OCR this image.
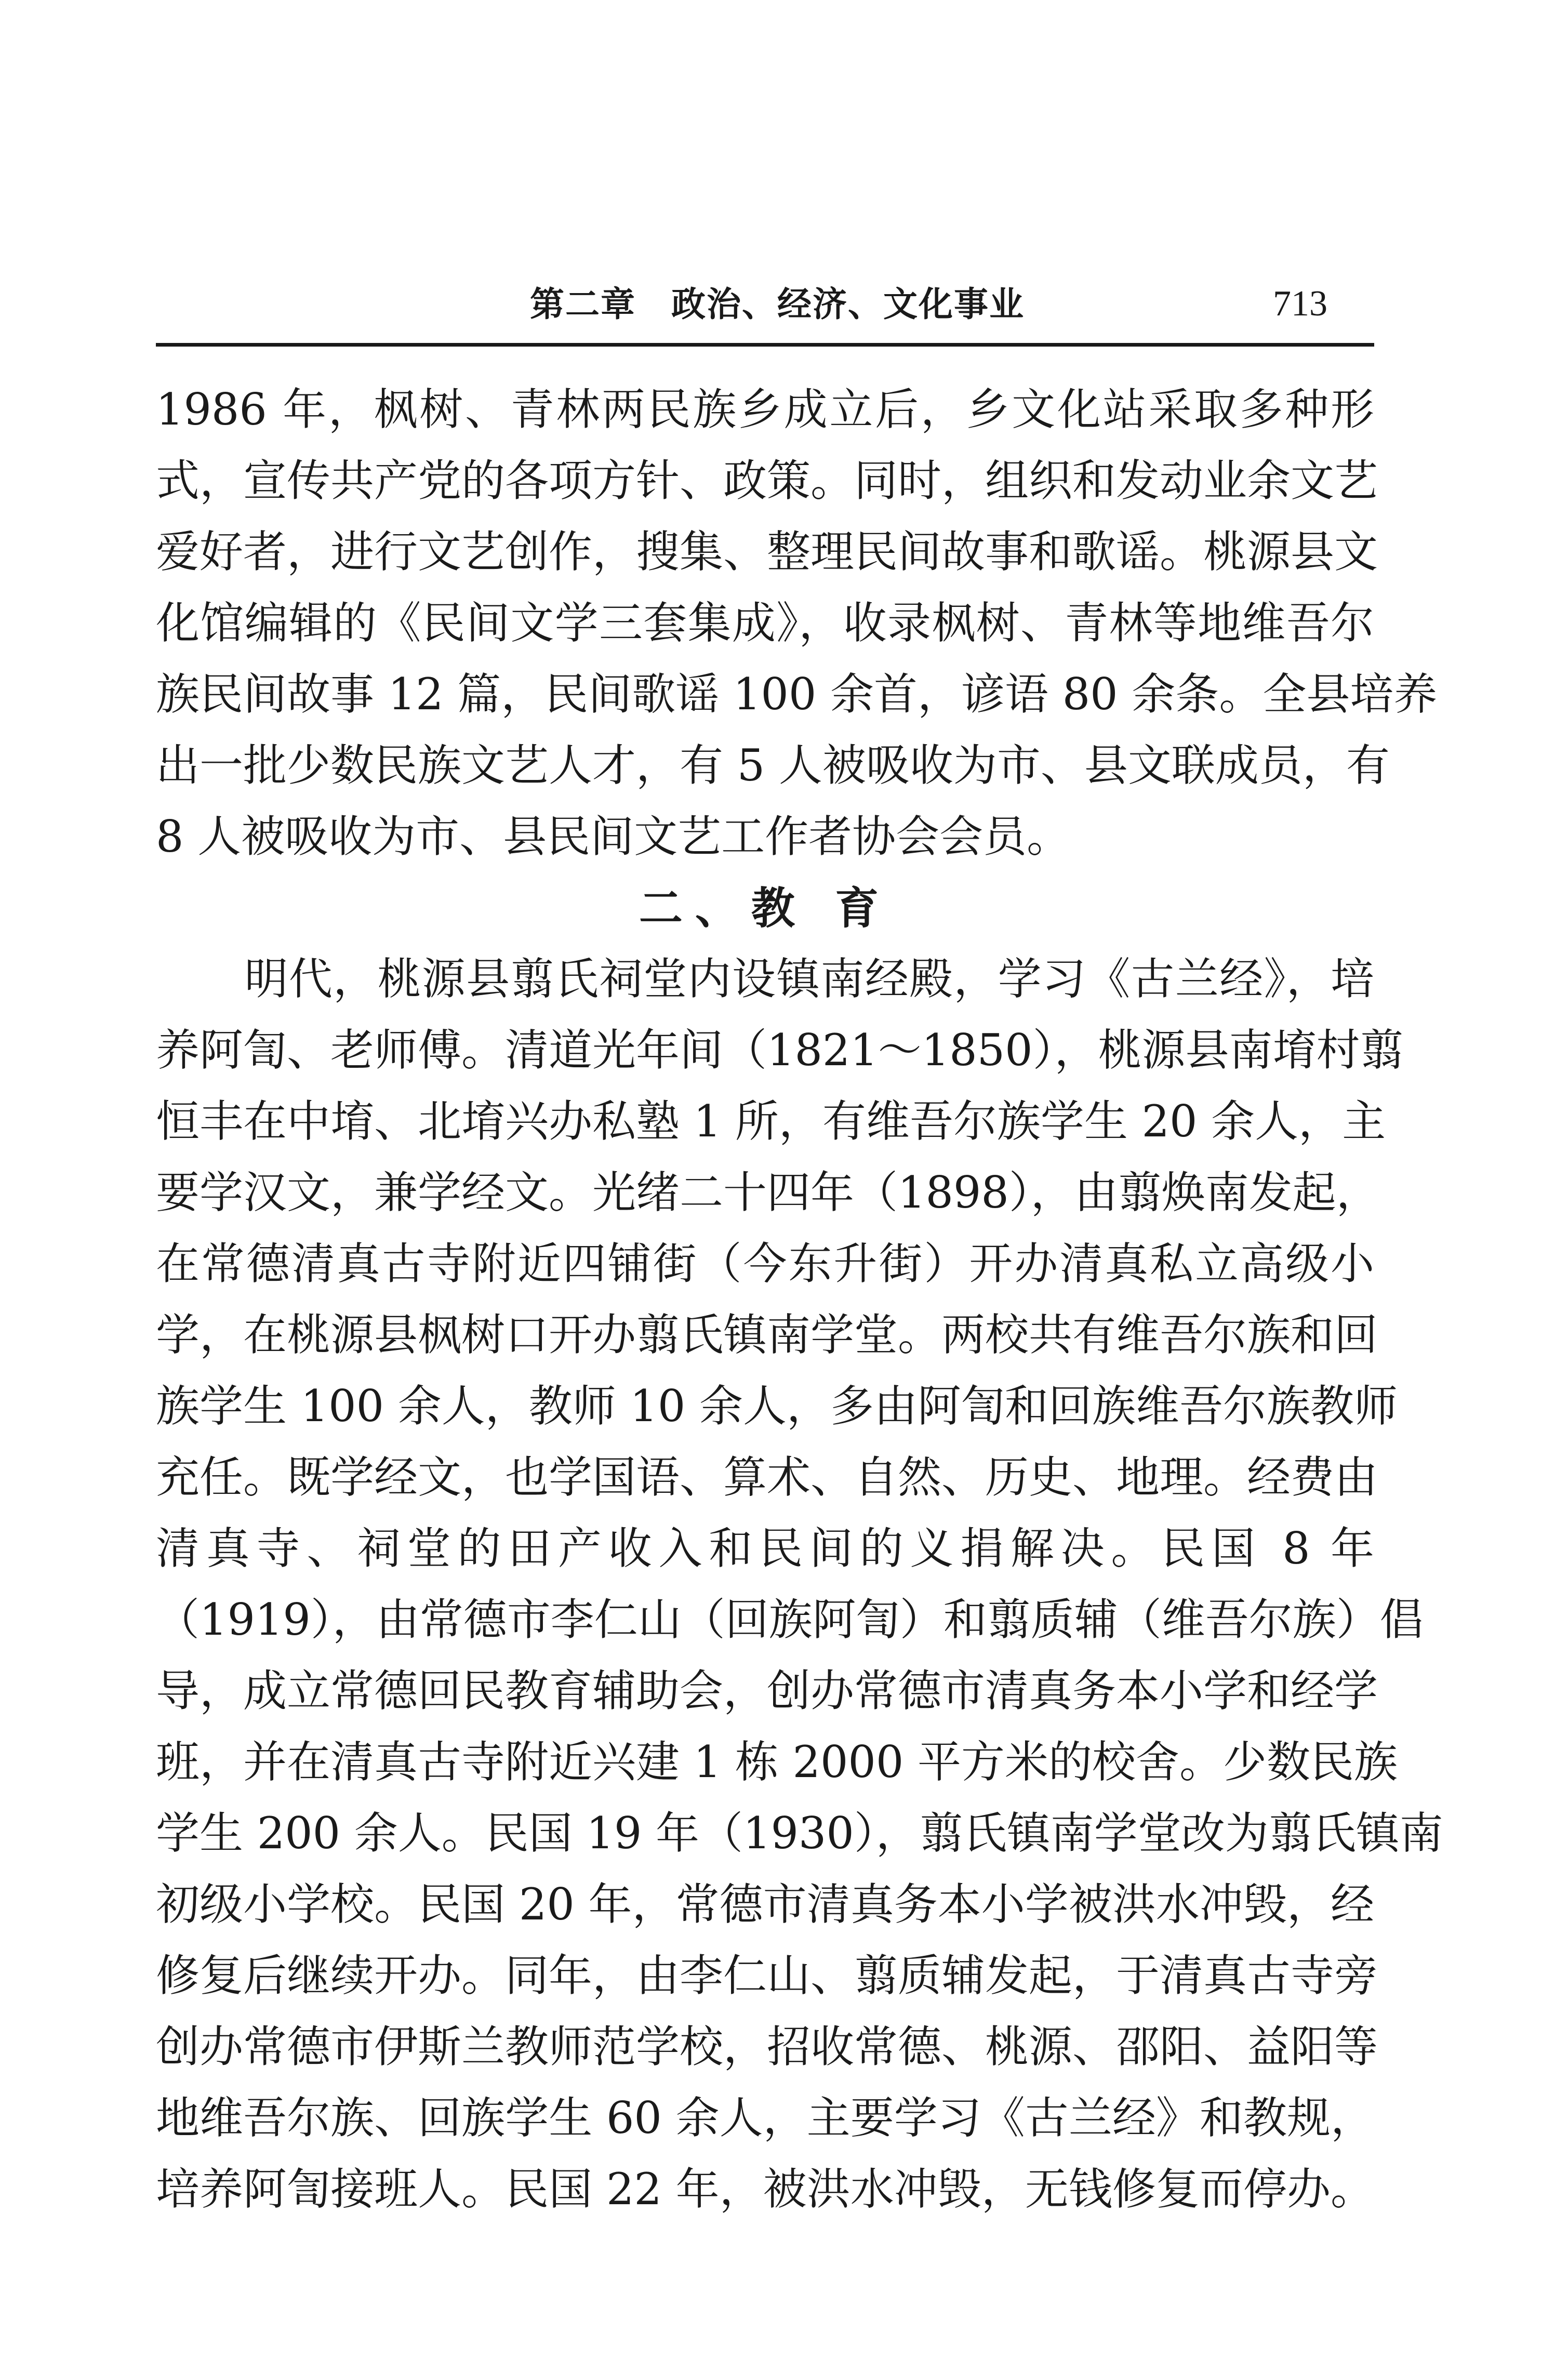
第二章　政治、经济、文化事业	713
1986 年，枫树、青林两民族乡成立后，乡文化站采取多种形
式，宣传共产党的各项方针、政策。同时，组织和发动业余文艺
爱好者，进行文艺创作，搜集、整理民间故事和歌谣。桃源县文
化馆编辑的《民间文学三套集成》，收录枫树、青林等地维吾尔
族民间故事 12 篇，民间歌谣 100 余首，谚语 80 余条。全县培养
出一批少数民族文艺人才，有 5 人被吸收为市、县文联成员，有
8 人被吸收为市、县民间文艺工作者协会会员。
二、教 育
　　明代，桃源县翦氏祠堂内设镇南经殿，学习《古兰经》，培
养阿訇、老师傅。清道光年间（1821～1850），桃源县南堉村翦
恒丰在中堉、北堉兴办私塾 1 所，有维吾尔族学生 20 余人，主
要学汉文，兼学经文。光绪二十四年（1898），由翦焕南发起，
在常德清真古寺附近四铺街（今东升街）开办清真私立高级小
学，在桃源县枫树口开办翦氏镇南学堂。两校共有维吾尔族和回
族学生 100 余人，教师 10 余人，多由阿訇和回族维吾尔族教师
充任。既学经文，也学国语、算术、自然、历史、地理。经费由
清真寺、祠堂的田产收入和民间的义捐解决。民国 8 年
（1919），由常德市李仁山（回族阿訇）和翦质辅（维吾尔族）倡
导，成立常德回民教育辅助会，创办常德市清真务本小学和经学
班，并在清真古寺附近兴建 1 栋 2000 平方米的校舍。少数民族
学生 200 余人。民国 19 年（1930），翦氏镇南学堂改为翦氏镇南
初级小学校。民国 20 年，常德市清真务本小学被洪水冲毁，经
修复后继续开办。同年，由李仁山、翦质辅发起，于清真古寺旁
创办常德市伊斯兰教师范学校，招收常德、桃源、邵阳、益阳等
地维吾尔族、回族学生 60 余人，主要学习《古兰经》和教规，
培养阿訇接班人。民国 22 年，被洪水冲毁，无钱修复而停办。
